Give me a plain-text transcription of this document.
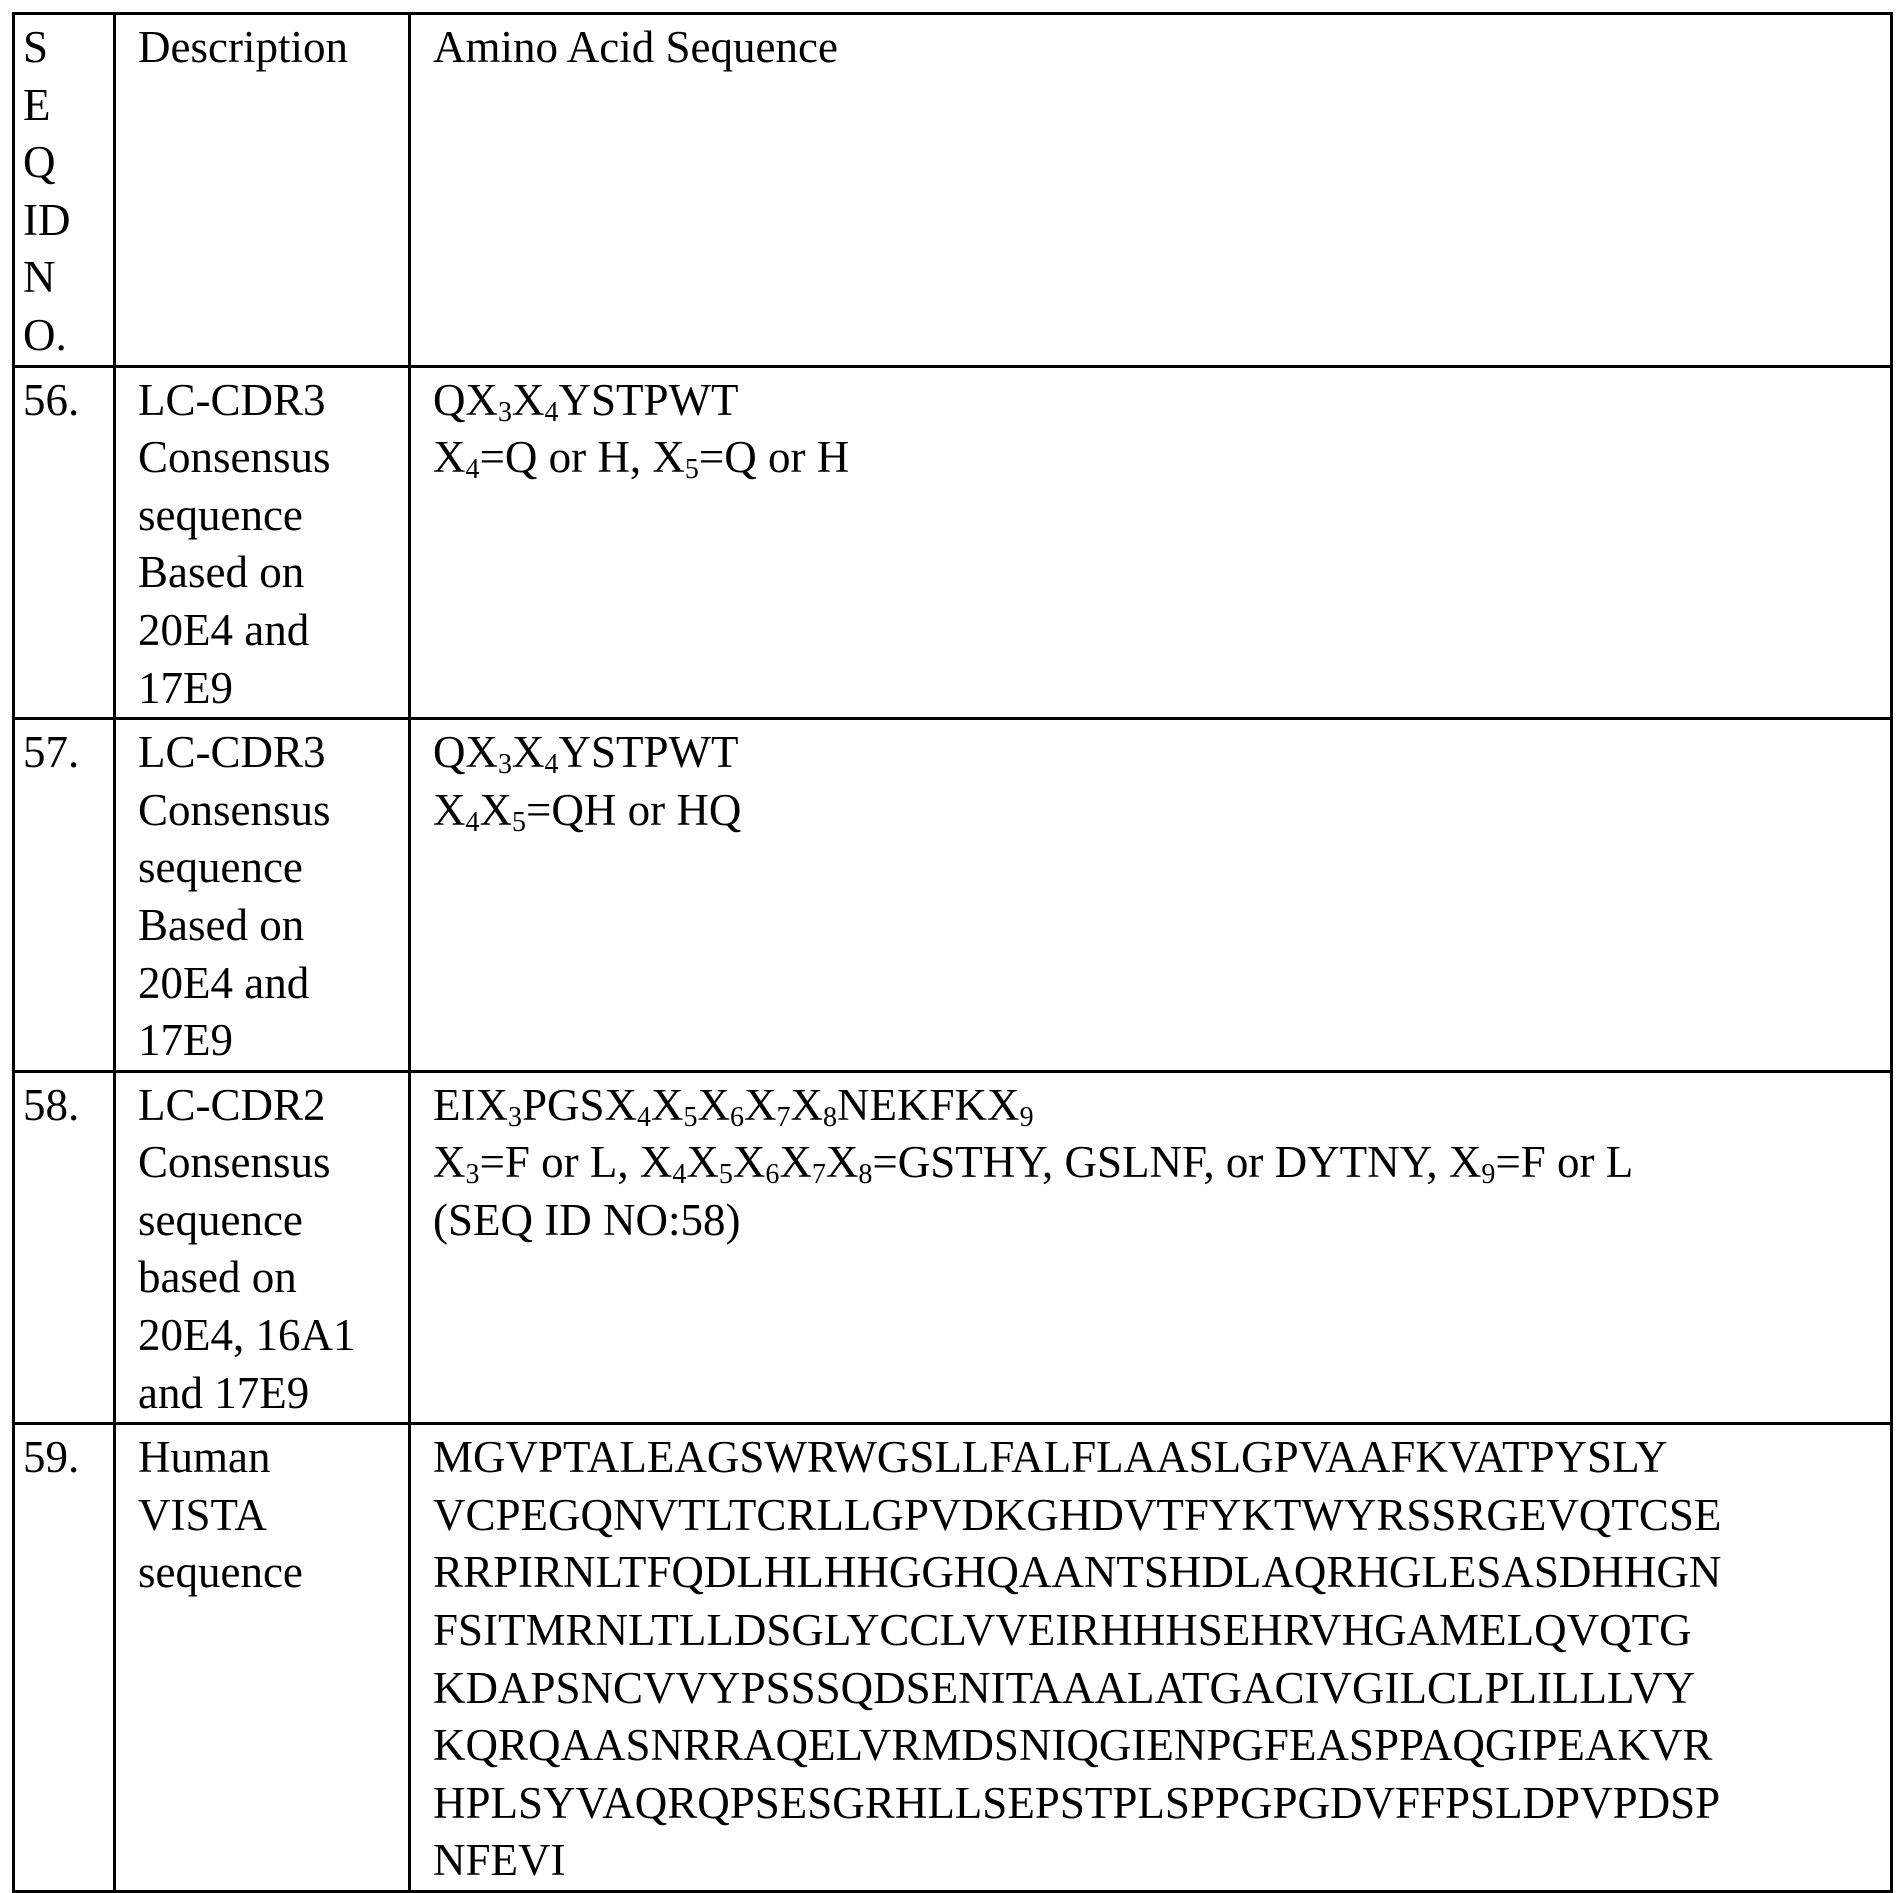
S
E
Q
ID
N
O.
	Description	Amino Acid Sequence
56.	LC-CDR3
Consensus
sequence
Based on
20E4 and
17E9

QX3X4YSTPWT
X4=Q or H, X5=Q or H

57.	LC-CDR3
Consensus
sequence
Based on
20E4 and
17E9

QX3X4YSTPWT
X4X5=QH or HQ

58.	LC-CDR2
Consensus
sequence
based on
20E4, 16A1
and 17E9

EIX3PGSX4X5X6X7X8NEKFKX9
X3=F or L, X4X5X6X7X8=GSTHY, GSLNF, or DYTNY, X9=F or L
(SEQ ID NO:58)

59.	Human
VISTA
sequence

MGVPTALEAGSWRWGSLLFALFLAASLGPVAAFKVATPYSLY
VCPEGQNVTLTCRLLGPVDKGHDVTFYKTWYRSSRGEVQTCSE
RRPIRNLTFQDLHLHHGGHQAANTSHDLAQRHGLESASDHHGN
FSITMRNLTLLDSGLYCCLVVEIRHHHSEHRVHGAMELQVQTG
KDAPSNCVVYPSSSQDSENITAAALATGACIVGILCLPLILLLVY
KQRQAASNRRAQELVRMDSNIQGIENPGFEASPPAQGIPEAKVR
HPLSYVAQRQPSESGRHLLSEPSTPLSPPGPGDVFFPSLDPVPDSP
NFEVI
